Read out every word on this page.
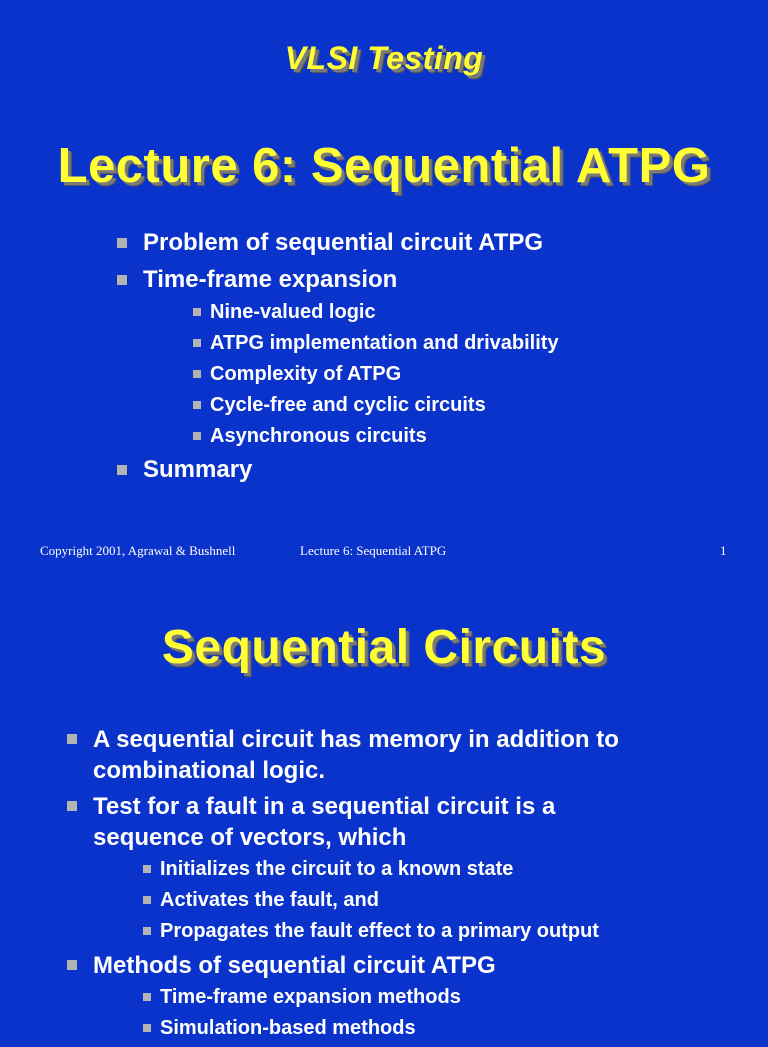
VLSI Testing
Lecture 6: Sequential ATPG
Problem of sequential circuit ATPG
Time-frame expansion
Nine-valued logic
ATPG implementation and drivability
Complexity of ATPG
Cycle-free and cyclic circuits
Asynchronous circuits
Summary
Copyright 2001, Agrawal & Bushnell	Lecture 6: Sequential ATPG	1
Sequential Circuits
A sequential circuit has memory in addition to combinational logic.
Test for a fault in a sequential circuit is a sequence of vectors, which
Initializes the circuit to a known state
Activates the fault, and
Propagates the fault effect to a primary output
Methods of sequential circuit ATPG
Time-frame expansion methods
Simulation-based methods
